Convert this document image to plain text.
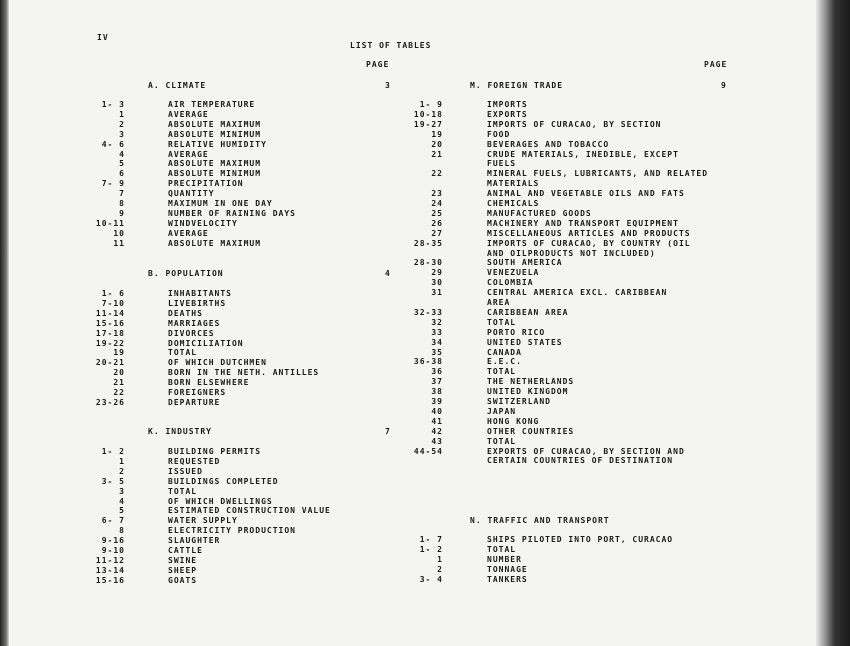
IV
LIST OF TABLES
PAGE	PAGE
A. CLIMATE	3
1- 3	AIR TEMPERATURE
1	AVERAGE
2	ABSOLUTE MAXIMUM
3	ABSOLUTE MINIMUM
4- 6	RELATIVE HUMIDITY
4	AVERAGE
5	ABSOLUTE MAXIMUM
6	ABSOLUTE MINIMUM
7- 9	PRECIPITATION
7	QUANTITY
8	MAXIMUM IN ONE DAY
9	NUMBER OF RAINING DAYS
10-11	WINDVELOCITY
10	AVERAGE
11	ABSOLUTE MAXIMUM
B. POPULATION	4
1- 6	INHABITANTS
7-10	LIVEBIRTHS
11-14	DEATHS
15-16	MARRIAGES
17-18	DIVORCES
19-22	DOMICILIATION
19	TOTAL
20-21	OF WHICH DUTCHMEN
20	BORN IN THE NETH. ANTILLES
21	BORN ELSEWHERE
22	FOREIGNERS
23-26	DEPARTURE
K. INDUSTRY	7
1- 2	BUILDING PERMITS
1	REQUESTED
2	ISSUED
3- 5	BUILDINGS COMPLETED
3	TOTAL
4	OF WHICH DWELLINGS
5	ESTIMATED CONSTRUCTION VALUE
6- 7	WATER SUPPLY
8	ELECTRICITY PRODUCTION
9-16	SLAUGHTER
9-10	CATTLE
11-12	SWINE
13-14	SHEEP
15-16	GOATS
M. FOREIGN TRADE	9
1- 9	IMPORTS
10-18	EXPORTS
19-27	IMPORTS OF CURACAO, BY SECTION
19	FOOD
20	BEVERAGES AND TOBACCO
21	CRUDE MATERIALS, INEDIBLE, EXCEPT
FUELS
22	MINERAL FUELS, LUBRICANTS, AND RELATED
MATERIALS
23	ANIMAL AND VEGETABLE OILS AND FATS
24	CHEMICALS
25	MANUFACTURED GOODS
26	MACHINERY AND TRANSPORT EQUIPMENT
27	MISCELLANEOUS ARTICLES AND PRODUCTS
28-35	IMPORTS OF CURACAO, BY COUNTRY (OIL
AND OILPRODUCTS NOT INCLUDED)
28-30	SOUTH AMERICA
29	VENEZUELA
30	COLOMBIA
31	CENTRAL AMERICA EXCL. CARIBBEAN
AREA
32-33	CARIBBEAN AREA
32	TOTAL
33	PORTO RICO
34	UNITED STATES
35	CANADA
36-38	E.E.C.
36	TOTAL
37	THE NETHERLANDS
38	UNITED KINGDOM
39	SWITZERLAND
40	JAPAN
41	HONG KONG
42	OTHER COUNTRIES
43	TOTAL
44-54	EXPORTS OF CURACAO, BY SECTION AND
CERTAIN COUNTRIES OF DESTINATION
N. TRAFFIC AND TRANSPORT
1- 7	SHIPS PILOTED INTO PORT, CURACAO
1- 2	TOTAL
1	NUMBER
2	TONNAGE
3- 4	TANKERS
